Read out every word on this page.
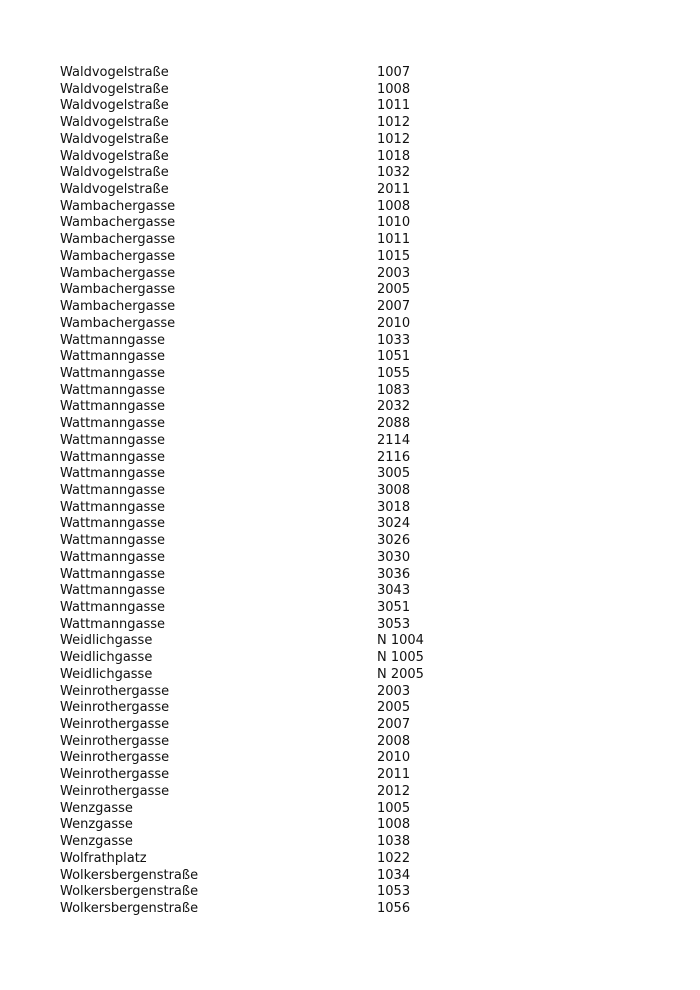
Waldvogelstraße	1007
Waldvogelstraße	1008
Waldvogelstraße	1011
Waldvogelstraße	1012
Waldvogelstraße	1012
Waldvogelstraße	1018
Waldvogelstraße	1032
Waldvogelstraße	2011
Wambachergasse	1008
Wambachergasse	1010
Wambachergasse	1011
Wambachergasse	1015
Wambachergasse	2003
Wambachergasse	2005
Wambachergasse	2007
Wambachergasse	2010
Wattmanngasse	1033
Wattmanngasse	1051
Wattmanngasse	1055
Wattmanngasse	1083
Wattmanngasse	2032
Wattmanngasse	2088
Wattmanngasse	2114
Wattmanngasse	2116
Wattmanngasse	3005
Wattmanngasse	3008
Wattmanngasse	3018
Wattmanngasse	3024
Wattmanngasse	3026
Wattmanngasse	3030
Wattmanngasse	3036
Wattmanngasse	3043
Wattmanngasse	3051
Wattmanngasse	3053
Weidlichgasse	N 1004
Weidlichgasse	N 1005
Weidlichgasse	N 2005
Weinrothergasse	2003
Weinrothergasse	2005
Weinrothergasse	2007
Weinrothergasse	2008
Weinrothergasse	2010
Weinrothergasse	2011
Weinrothergasse	2012
Wenzgasse	1005
Wenzgasse	1008
Wenzgasse	1038
Wolfrathplatz	1022
Wolkersbergenstraße	1034
Wolkersbergenstraße	1053
Wolkersbergenstraße	1056
